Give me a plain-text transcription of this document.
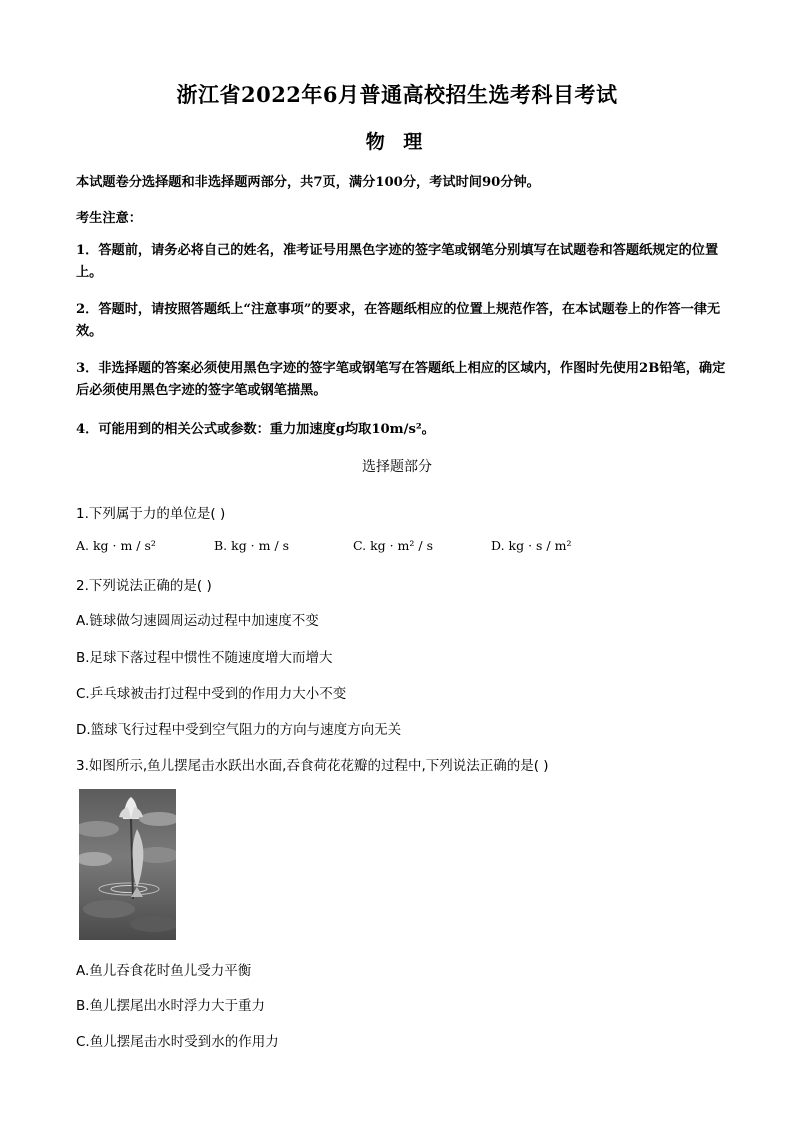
浙江省2022年6月普通高校招生选考科目考试
物 理
本试题卷分选择题和非选择题两部分，共7页，满分100分，考试时间90分钟。
考生注意：
1．答题前，请务必将自己的姓名，准考证号用黑色字迹的签字笔或钢笔分别填写在试题卷和答题纸规定的位置上。
2．答题时，请按照答题纸上“注意事项”的要求，在答题纸相应的位置上规范作答，在本试题卷上的作答一律无效。
3．非选择题的答案必须使用黑色字迹的签字笔或钢笔写在答题纸上相应的区域内，作图时先使用2B铅笔，确定后必须使用黑色字迹的签字笔或钢笔描黑。
4．可能用到的相关公式或参数：重力加速度g均取10m/s²。
选择题部分
1.下列属于力的单位是( )
A. kg · m / s²	B. kg · m / s	C. kg · m² / s	D. kg · s / m²
2.下列说法正确的是( )
A.链球做匀速圆周运动过程中加速度不变
B.足球下落过程中惯性不随速度增大而增大
C.乒乓球被击打过程中受到的作用力大小不变
D.篮球飞行过程中受到空气阻力的方向与速度方向无关
3.如图所示,鱼儿摆尾击水跃出水面,吞食荷花花瓣的过程中,下列说法正确的是( )
A.鱼儿吞食花时鱼儿受力平衡
B.鱼儿摆尾出水时浮力大于重力
C.鱼儿摆尾击水时受到水的作用力
